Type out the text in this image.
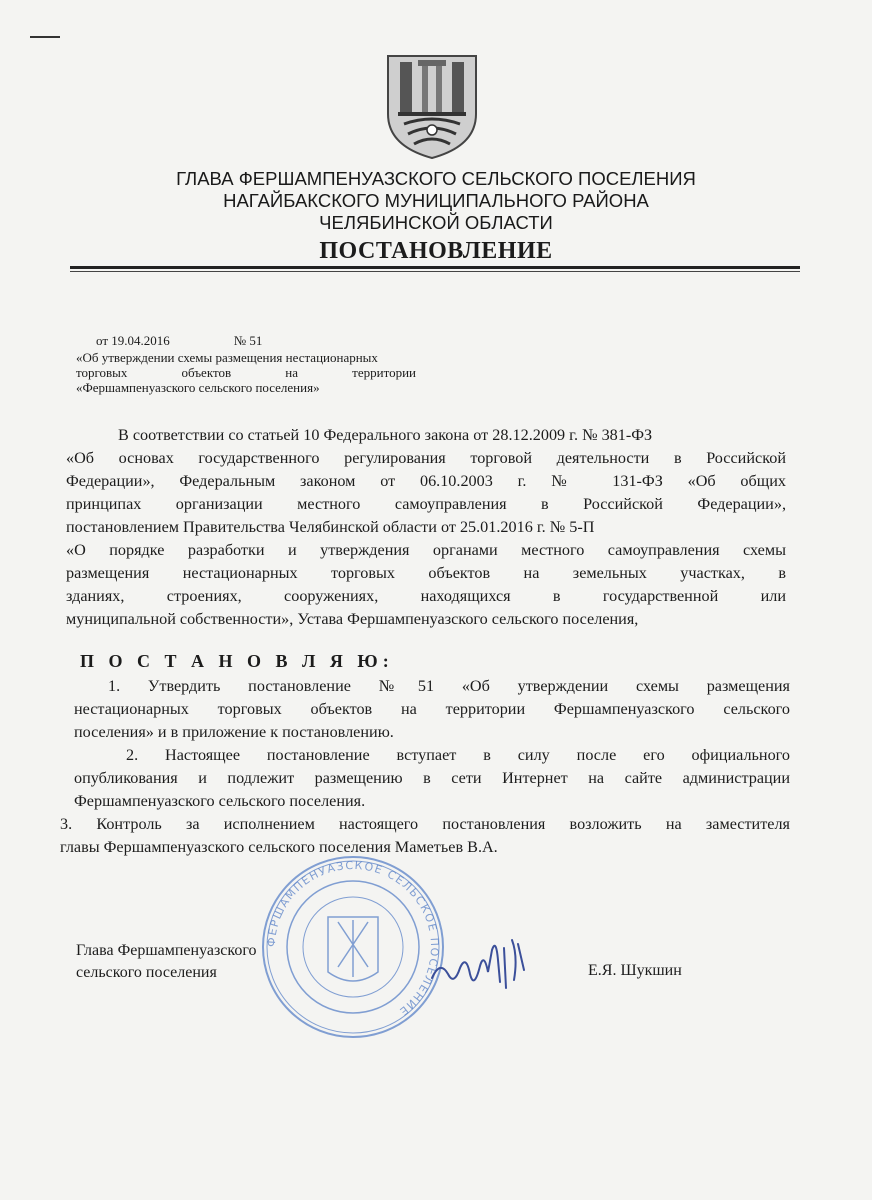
ГЛАВА ФЕРШАМПЕНУАЗСКОГО СЕЛЬСКОГО ПОСЕЛЕНИЯ
НАГАЙБАКСКОГО МУНИЦИПАЛЬНОГО РАЙОНА
ЧЕЛЯБИНСКОЙ ОБЛАСТИ
ПОСТАНОВЛЕНИЕ
от 19.04.2016	№ 51
«Об утверждении схемы размещения нестационарных
торговых	объектов	на	территории
«Фершампенуазского сельского поселения»
В соответствии со статьей 10 Федерального закона от 28.12.2009 г. № 381-ФЗ
«Об основах государственного регулирования торговой деятельности в Российской
Федерации», Федеральным законом от 06.10.2003 г. № 131-ФЗ «Об общих
принципах организации местного самоуправления в Российской Федерации»,
постановлением Правительства Челябинской области от 25.01.2016 г. № 5-П
«О порядке разработки и утверждения органами местного самоуправления схемы
размещения нестационарных торговых объектов на земельных участках, в
зданиях, строениях, сооружениях, находящихся в государственной или
муниципальной собственности», Устава Фершампенуазского сельского поселения,
П О С Т А Н О В Л Я Ю:
1. Утвердить постановление №51 «Об утверждении схемы размещения
нестационарных торговых объектов на территории Фершампенуазского сельского
поселения» и в приложение к постановлению.
2. Настоящее постановление вступает в силу после его официального
опубликования и подлежит размещению в сети Интернет на сайте администрации
Фершампенуазского сельского поселения.
3. Контроль за исполнением настоящего постановления возложить на заместителя
главы Фершампенуазского сельского поселения Маметьев В.А.
ФЕРШАМПЕНУАЗСКОЕ СЕЛЬСКОЕ ПОСЕЛЕНИЕ
Глава Фершампенуазского
сельского поселения	Е.Я. Шукшин
